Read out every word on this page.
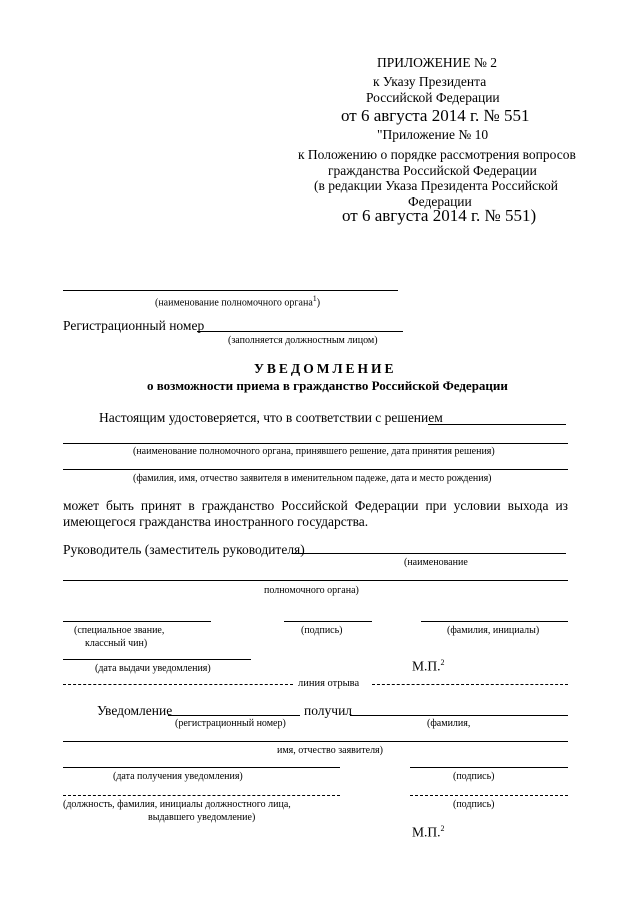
ПРИЛОЖЕНИЕ № 2
к Указу Президента
Российской Федерации
от 6 августа 2014 г. № 551
"Приложение № 10
к Положению о порядке рассмотрения вопросов
гражданства Российской Федерации
(в редакции Указа Президента Российской
Федерации
от 6 августа 2014 г. № 551)
(наименование полномочного органа$^1$)
Регистрационный номер
(заполняется должностным лицом)
УВЕДОМЛЕНИЕ
о возможности приема в гражданство Российской Федерации
Настоящим удостоверяется, что в соответствии с решением
(наименование полномочного органа, принявшего решение, дата принятия решения)
(фамилия, имя, отчество заявителя в именительном падеже, дата и место рождения)
может быть принят в гражданство Российской Федерации при условии выхода из
имеющегося гражданства иностранного государства.
Руководитель (заместитель руководителя)
(наименование
полномочного органа)
(специальное звание,
классный чин)
(подпись)	(фамилия, инициалы)
(дата выдачи уведомления)	М.П.$^2$
линия отрыва
Уведомление	получил
(регистрационный номер)	(фамилия,
имя, отчество заявителя)
(дата получения уведомления)	(подпись)
(должность, фамилия, инициалы должностного лица,
выдавшего уведомление)
(подпись)
М.П.$^2$
